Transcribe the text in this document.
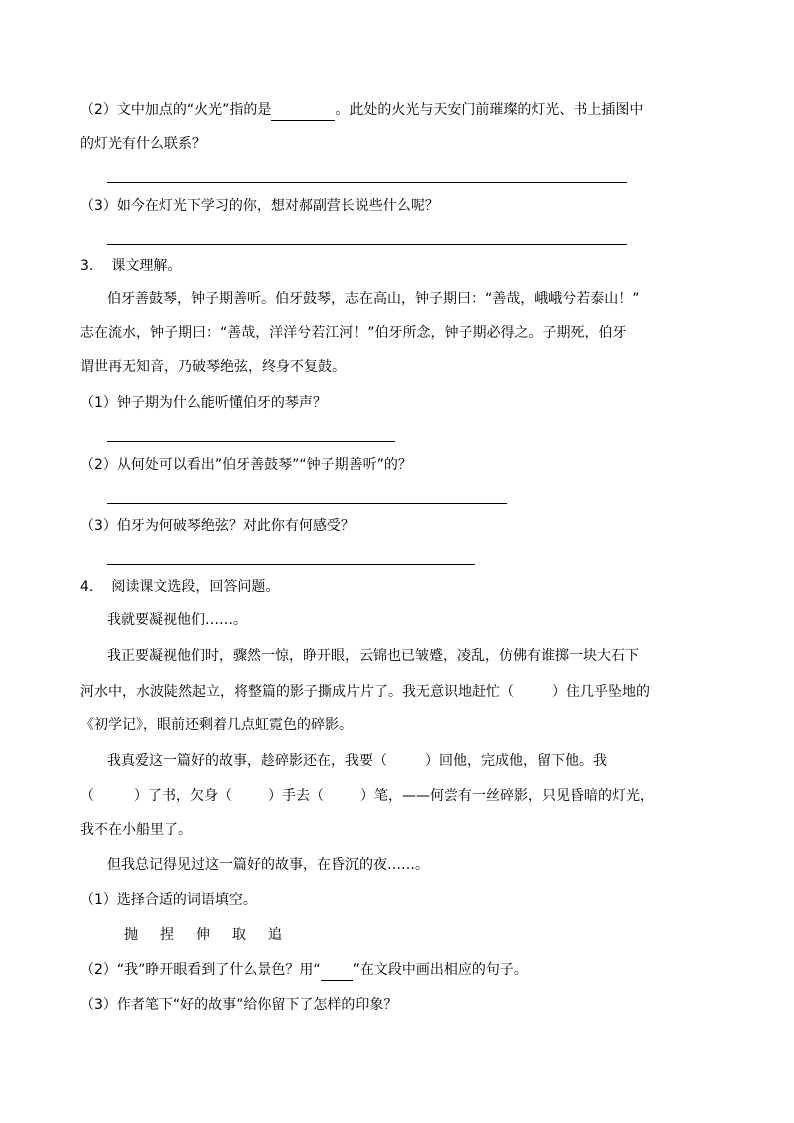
（2）文中加点的“火光”指的是	。此处的火光与天安门前璀璨的灯光、书上插图中
的灯光有什么联系？
（3）如今在灯光下学习的你，想对郝副营长说些什么呢？
3. 课文理解。
伯牙善鼓琴，钟子期善听。伯牙鼓琴，志在高山，钟子期曰：“善哉，峨峨兮若泰山！”
志在流水，钟子期曰：“善哉，洋洋兮若江河！”伯牙所念，钟子期必得之。子期死，伯牙
谓世再无知音，乃破琴绝弦，终身不复鼓。
（1）钟子期为什么能听懂伯牙的琴声？
（2）从何处可以看出”伯牙善鼓琴”“钟子期善听”的？
（3）伯牙为何破琴绝弦？对此你有何感受？
4. 阅读课文选段，回答问题。
我就要凝视他们……。
我正要凝视他们时，骤然一惊，睁开眼，云锦也已皱蹙，凌乱，仿佛有谁掷一块大石下
河水中，水波陡然起立，将整篇的影子撕成片片了。我无意识地赶忙（	）住几乎坠地的
《初学记》，眼前还剩着几点虹霓色的碎影。
我真爱这一篇好的故事，趁碎影还在，我要（	）回他，完成他，留下他。我
（	）了书，欠身（	）手去（	）笔，——何尝有一丝碎影，只见昏暗的灯光，
我不在小船里了。
但我总记得见过这一篇好的故事，在昏沉的夜……。
（1）选择合适的词语填空。
抛 捏 伸 取 追
（2）“我”睁开眼看到了什么景色？用“ ”在文段中画出相应的句子。
（3）作者笔下“好的故事”给你留下了怎样的印象？
